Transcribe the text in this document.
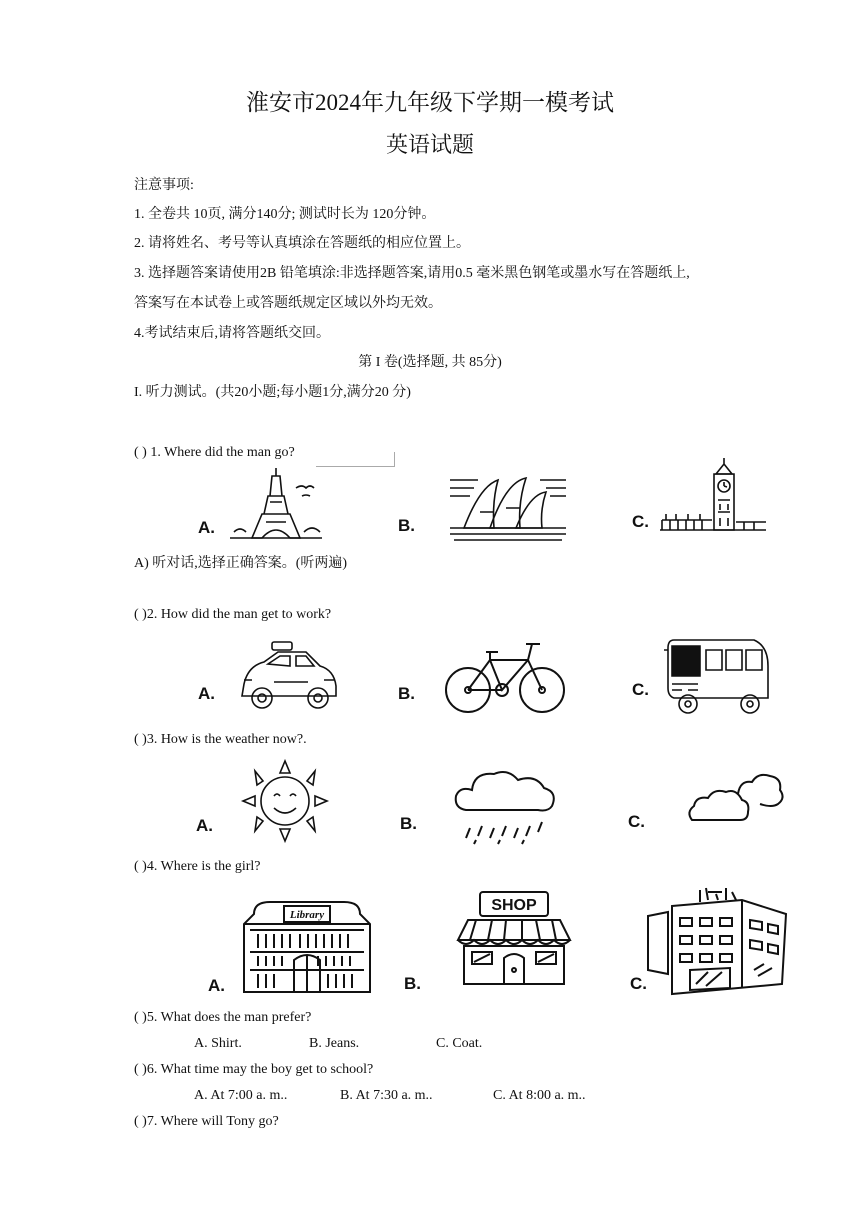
淮安市2024年九年级下学期一模考试
英语试题
注意事项:
1. 全卷共 10页, 满分140分; 测试时长为 120分钟。
2. 请将姓名、考号等认真填涂在答题纸的相应位置上。
3. 选择题答案请使用2B 铅笔填涂:非选择题答案,请用0.5 毫米黑色钢笔或墨水写在答题纸上,
答案写在本试卷上或答题纸规定区域以外均无效。
4.考试结束后,请将答题纸交回。
第 I 卷(选择题, 共 85分)
I. 听力测试。(共20小题;每小题1分,满分20 分)
( ) 1. Where did the man go?
A.	B.	C.
A) 听对话,选择正确答案。(听两遍)
( )2. How did the man get to work?
A.	B.	C.
( )3. How is the weather now?.
A.	B.	C.
( )4. Where is the girl?
A.
Library
B.
SHOP
C.
( )5. What does the man prefer?
A. Shirt.	B. Jeans.	C. Coat.
( )6. What time may the boy get to school?
A. At 7:00 a. m..	B. At 7:30 a. m..	C. At 8:00 a. m..
( )7. Where will Tony go?
